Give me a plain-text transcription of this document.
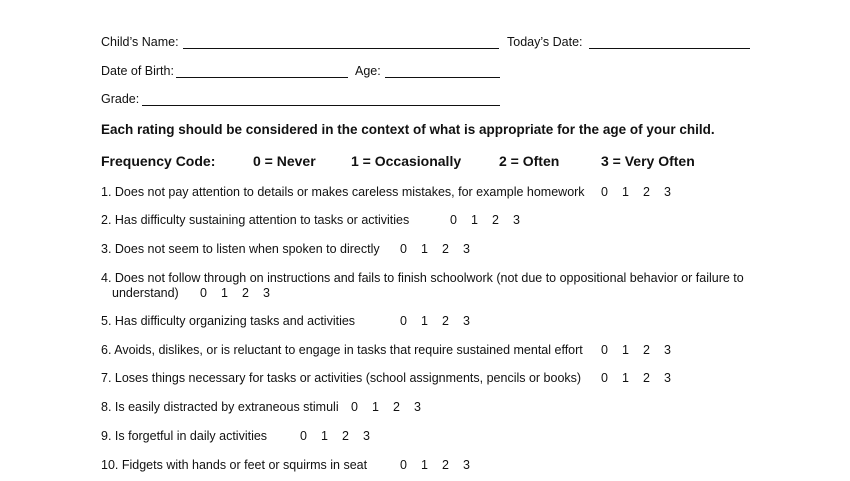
Child’s Name:	Today’s Date:
Date of Birth:	Age:
Grade:
Each rating should be considered in the context of what is appropriate for the age of your child.
Frequency Code:	0 = Never	1 = Occasionally	2 = Often	3 = Very Often
1. Does not pay attention to details or makes careless mistakes, for example homework 0 1 2 3
2. Has difficulty sustaining attention to tasks or activities	0 1 2 3
3. Does not seem to listen when spoken to directly 0 1 2 3
4. Does not follow through on instructions and fails to finish schoolwork (not due to oppositional behavior or failure to
understand) 0 1 2 3
5. Has difficulty organizing tasks and activities	0 1 2 3
6. Avoids, dislikes, or is reluctant to engage in tasks that require sustained mental effort 0 1 2 3
7. Loses things necessary for tasks or activities (school assignments, pencils or books) 0 1 2 3
8. Is easily distracted by extraneous stimuli 0 1 2 3
9. Is forgetful in daily activities	0 1 2 3
10. Fidgets with hands or feet or squirms in seat	0 1 2 3
